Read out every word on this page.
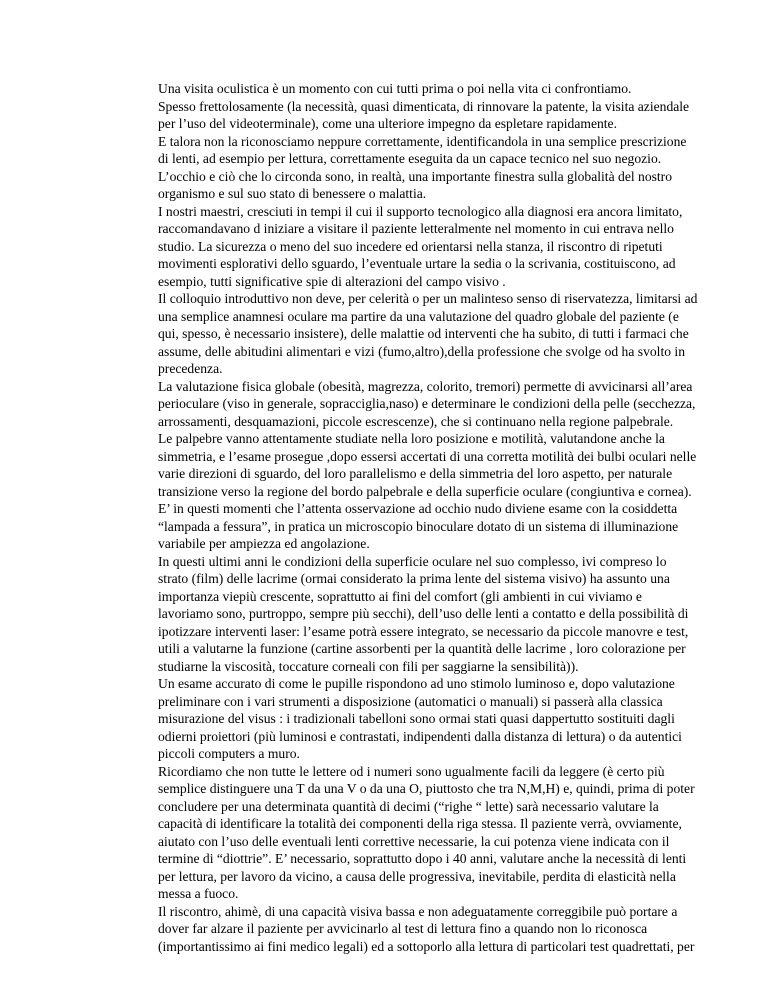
Una visita oculistica è un momento con cui tutti prima o poi nella vita ci confrontiamo.

Spesso frettolosamente (la necessità, quasi dimenticata, di rinnovare la patente, la visita aziendale per l’uso del videoterminale), come una ulteriore impegno da espletare rapidamente.

E talora non la riconosciamo neppure correttamente, identificandola in una semplice prescrizione di lenti, ad esempio per lettura, correttamente eseguita da un capace tecnico nel suo negozio.

L’occhio e ciò che lo circonda sono, in realtà, una importante finestra sulla globalità del nostro organismo e sul suo stato di benessere o malattia.

I nostri maestri, cresciuti in tempi il cui il supporto tecnologico alla diagnosi era ancora limitato, raccomandavano d iniziare a visitare il paziente letteralmente nel momento in cui entrava nello studio. La sicurezza o meno del suo incedere ed orientarsi nella stanza, il riscontro di ripetuti movimenti esplorativi dello sguardo, l’eventuale urtare la sedia o la scrivania, costituiscono, ad esempio, tutti significative spie di alterazioni del campo visivo .

Il colloquio introduttivo non deve, per celerità o per un malinteso senso di riservatezza, limitarsi ad una semplice anamnesi oculare ma partire da una valutazione del quadro globale del paziente (e qui, spesso, è necessario insistere), delle malattie od interventi che ha subito, di tutti i farmaci che assume, delle abitudini alimentari e vizi (fumo,altro),della professione che svolge od ha svolto in precedenza.

La valutazione fisica globale (obesità, magrezza, colorito, tremori) permette di avvicinarsi all’area perioculare (viso in generale, sopracciglia,naso) e determinare le condizioni della pelle (secchezza, arrossamenti, desquamazioni, piccole escrescenze), che si continuano nella regione palpebrale.

Le palpebre vanno attentamente studiate nella loro posizione e motilità, valutandone anche la simmetria, e l’esame prosegue ,dopo essersi accertati di una corretta motilità dei bulbi oculari nelle varie direzioni di sguardo, del loro parallelismo e della simmetria del loro aspetto, per naturale transizione verso la regione del bordo palpebrale e della superficie oculare (congiuntiva e cornea).

E’ in questi momenti che l’attenta osservazione ad occhio nudo diviene esame con la cosiddetta “lampada a fessura”, in pratica un microscopio binoculare dotato di un sistema di illuminazione variabile per ampiezza ed angolazione.

In questi ultimi anni le condizioni della superficie oculare nel suo complesso, ivi compreso lo strato (film) delle lacrime (ormai considerato la prima lente del sistema visivo) ha assunto una importanza viepiù crescente, soprattutto ai fini del comfort (gli ambienti in cui viviamo e lavoriamo sono, purtroppo, sempre più secchi), dell’uso delle lenti a contatto e della possibilità di ipotizzare interventi laser: l’esame potrà essere integrato, se necessario da piccole manovre e test, utili a valutarne la funzione (cartine assorbenti per la quantità delle lacrime , loro colorazione per studiarne la viscosità, toccature corneali con fili per saggiarne la sensibilità)).

Un esame accurato di come le pupille rispondono ad uno stimolo luminoso e, dopo valutazione preliminare con i vari strumenti a disposizione (automatici o manuali) si passerà alla classica misurazione del visus : i tradizionali tabelloni sono ormai stati quasi dappertutto sostituiti dagli odierni proiettori (più luminosi e contrastati, indipendenti dalla distanza di lettura) o da autentici piccoli computers a muro.

Ricordiamo che non tutte le lettere od i numeri sono ugualmente facili da leggere (è certo più semplice distinguere una T da una V o da una O, piuttosto che tra N,M,H) e, quindi, prima di poter concludere per una determinata quantità di decimi (“righe “ lette) sarà necessario valutare la capacità di identificare la totalità dei componenti della riga stessa. Il paziente verrà, ovviamente, aiutato con l’uso delle eventuali lenti correttive necessarie, la cui potenza viene indicata con il termine di “diottrie”. E’ necessario, soprattutto dopo i 40 anni, valutare anche la necessità di lenti per lettura, per lavoro da vicino, a causa delle progressiva, inevitabile, perdita di elasticità nella messa a fuoco.

Il riscontro, ahimè, di una capacità visiva bassa e non adeguatamente correggibile può portare a dover far alzare il paziente per avvicinarlo al test di lettura fino a quando non lo riconosca (importantissimo ai fini medico legali) ed a sottoporlo alla lettura di particolari test quadrettati, per
